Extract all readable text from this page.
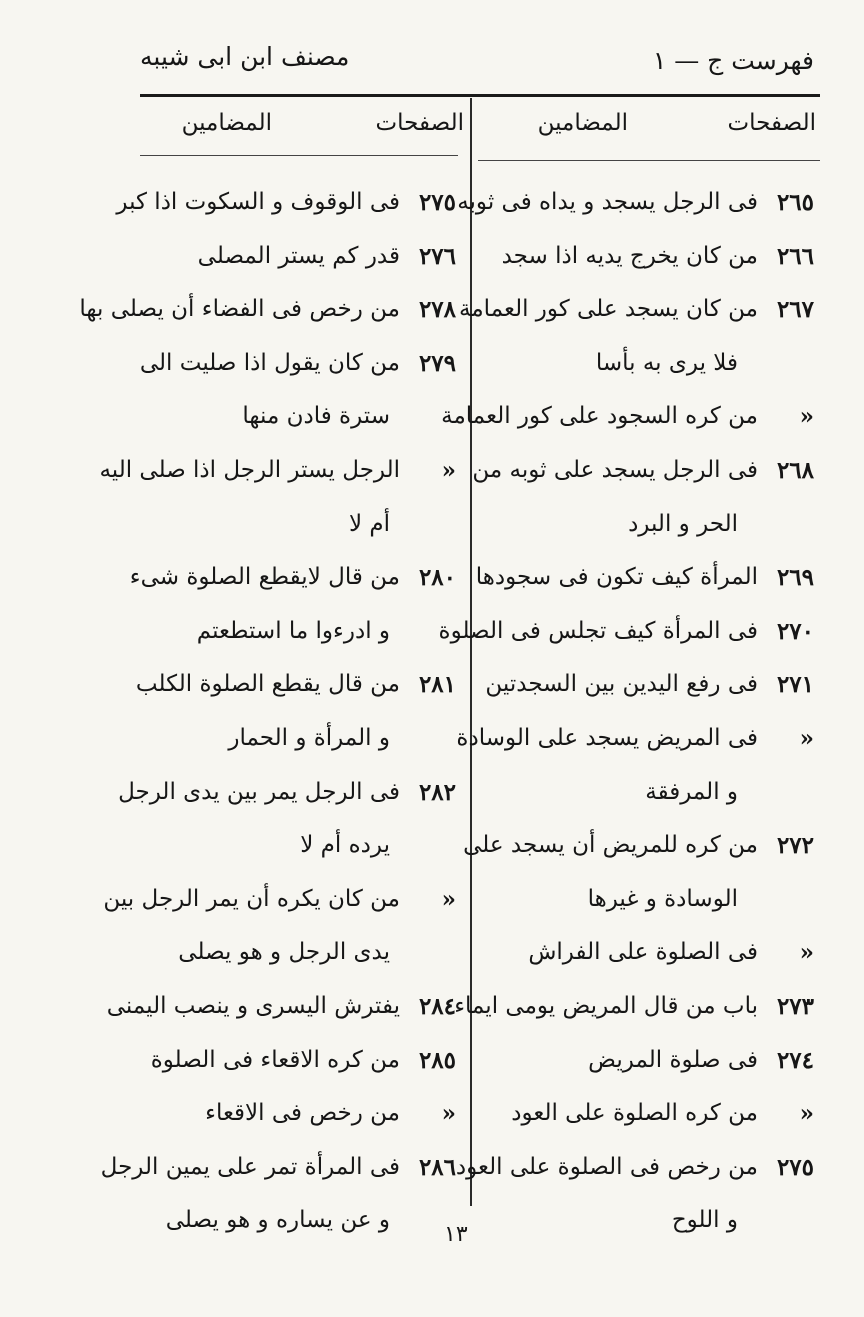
فهرست ج — ١
مصنف ابن ابى شيبه
الصفحات
المضامين
الصفحات
المضامين
٢٦٥
فى الرجل يسجد و يداه فى ثوبه
٢٦٦
من كان يخرج يديه اذا سجد
٢٦٧
من كان يسجد على كور العمامة
فلا يرى به بأسا
«
من كره السجود على كور العمامة
٢٦٨
فى الرجل يسجد على ثوبه من
الحر و البرد
٢٦٩
المرأة كيف تكون فى سجودها
٢٧٠
فى المرأة كيف تجلس فى الصلوة
٢٧١
فى رفع اليدين بين السجدتين
«
فى المريض يسجد على الوسادة
و المرفقة
٢٧٢
من كره للمريض أن يسجد على
الوسادة و غيرها
«
فى الصلوة على الفراش
٢٧٣
باب من قال المريض يومى ايماء
٢٧٤
فى صلوة المريض
«
من كره الصلوة على العود
٢٧٥
من رخص فى الصلوة على العود
و اللوح
٢٧٥
فى الوقوف و السكوت اذا كبر
٢٧٦
قدر كم يستر المصلى
٢٧٨
من رخص فى الفضاء أن يصلى بها
٢٧٩
من كان يقول اذا صليت الى
سترة فادن منها
«
الرجل يستر الرجل اذا صلى اليه
أم لا
٢٨٠
من قال لايقطع الصلوة شىء
و ادرءوا ما استطعتم
٢٨١
من قال يقطع الصلوة الكلب
و المرأة و الحمار
٢٨٢
فى الرجل يمر بين يدى الرجل
يرده أم لا
«
من كان يكره أن يمر الرجل بين
يدى الرجل و هو يصلى
٢٨٤
يفترش اليسرى و ينصب اليمنى
٢٨٥
من كره الاقعاء فى الصلوة
«
من رخص فى الاقعاء
٢٨٦
فى المرأة تمر على يمين الرجل
و عن يساره و هو يصلى
١٣
